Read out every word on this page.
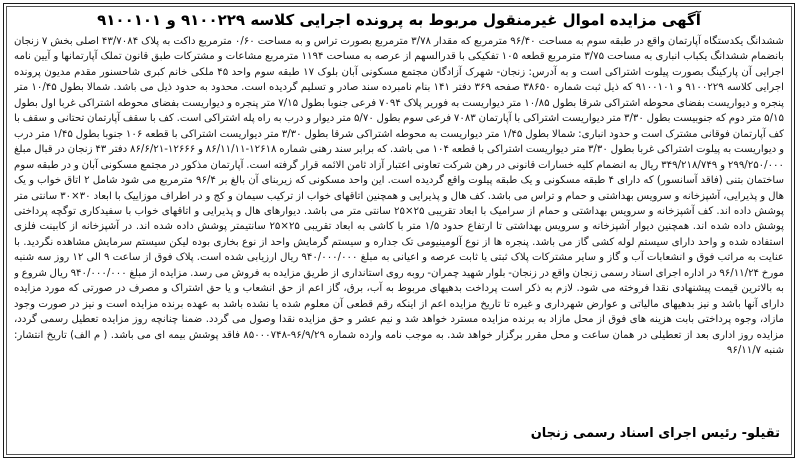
آگهی مزایده اموال غیرمنقول مربوط به پرونده اجرایی کلاسه ۹۱۰۰۲۲۹ و ۹۱۰۰۱۰۱
ششدانگ یکدستگاه آپارتمان واقع در طبقه سوم به مساحت ۹۶/۴۰ مترمربع که مقدار ۳/۷۸ مترمربع بصورت تراس و به مساحت ۰/۶۰ مترمربع داکت به پلاک ۴۳/۷۰۸۴ اصلی بخش ۷ زنجان بانضمام ششدانگ یکباب انباری به مساحت ۳/۷۵ مترمربع قطعه ۱۰۵ تفکیکی با قدرالسهم از عرصه به مساحت ۱۱۹۴ مترمربع مشاعات و مشترکات طبق قانون تملک آپارتمانها و آیین نامه اجرایی آن پارکینگ بصورت پیلوت اشتراکی است و به آدرس: زنجان- شهرک آزادگان مجتمع مسکونی آبان بلوک ۱۷ طبقه سوم واحد ۴۵ ملکی خانم کبری شاحسنور مقدم مدیون پرونده اجرایی کلاسه ۹۱۰۰۲۲۹ و ۹۱۰۰۱۰۱ که ذیل ثبت شماره ۳۸۶۵۰ صفحه ۳۶۹ دفتر ۱۴۱ بنام نامبرده سند صادر و تسلیم گردیده است. محدود به حدود ذیل می باشد. شمالا بطول ۱۰/۴۵ متر پنجره و دیواریست بفضای محوطه اشتراکی شرقا بطول ۱۰/۸۵ متر دیواریست به فوریر پلاک ۷۰۹۴ فرعی جنوبا بطول ۷/۱۵ متر پنجره و دیواریست بفضای محوطه اشتراکی غربا اول بطول ۵/۱۵ متر دوم که جنوبیست بطول ۳/۳۰ متر دیواریست اشتراکی با آپارتمان ۷۰۸۳ فرعی سوم بطول ۵/۷۰ متر دیوار و درب به راه پله اشتراکی است. کف با سقف آپارتمان تحتانی و سقف با کف آپارتمان فوقانی مشترک است و حدود انباری: شمالا بطول ۱/۴۵ متر دیواریست به محوطه اشتراکی شرقا بطول ۳/۳۰ متر دیواریست اشتراکی با قطعه ۱۰۶ جنوبا بطول ۱/۴۵ متر درب و دیواریست به پیلوت اشتراکی غربا بطول ۳/۳۰ متر دیواریست اشتراکی با قطعه ۱۰۴ می باشد. که برابر سند رهنی شماره ۱۲۶۱۸-۸۶/۱۱/۱۱ و ۱۲۶۶۶-۸۶/۶/۲۱ دفتر ۴۳ زنجان در قبال مبلغ ۲۹۹/۲۵۰/۰۰۰ و ۳۴۹/۲۱۸/۷۴۹ ریال به انضمام کلیه خسارات قانونی در رهن شرکت تعاونی اعتبار آزاد ثامن الائمه قرار گرفته است. آپارتمان مذکور در مجتمع مسکونی آبان و در طبقه سوم ساختمان بتنی (فاقد آسانسور) که دارای ۴ طبقه مسکونی و یک طبقه پیلوت واقع گردیده است. این واحد مسکونی که زیربنای آن بالغ بر ۹۶/۴ مترمربع می شود شامل ۲ اتاق خواب و یک هال و پذیرایی، آشپزخانه و سرویس بهداشتی و حمام و تراس می باشد. کف هال و پذیرایی و همچنین اتاقهای خواب از ترکیب سیمان و کج و در اطراف موزاییک با ابعاد ۳۰×۳۰ سانتی متر پوشش داده اند. کف آشپزخانه و سرویس بهداشتی و حمام از سرامیک با ابعاد تقریبی ۲۵×۲۵ سانتی متر می باشد. دیوارهای هال و پذیرایی و اتاقهای خواب با سفیدکاری توگچه پرداختی پوشش داده شده اند. همچنین دیوار آشپزخانه و سرویس بهداشتی تا ارتفاع حدود ۱/۵ متر با کاشی به ابعاد تقریبی ۲۵×۲۵ سانتیمتر پوشش داده شده اند. در آشپزخانه از کابینت فلزی استفاده شده و واحد دارای سیستم لوله کشی گاز می باشد. پنجره ها از نوع آلومینیومی تک جداره و سیستم گرمایش واحد از نوع بخاری بوده لیکن سیستم سرمایش مشاهده نگردید. با عنایت به مراتب فوق و انشعابات آب و گاز و سایر مشترکات پلاک ثبتی یا ثابت عرصه و اعیانی به مبلغ ۹۴۰/۰۰۰/۰۰۰ ریال ارزیابی شده است. پلاک فوق از ساعت ۹ الی ۱۲ روز سه شنبه مورخ ۹۶/۱۱/۲۴ در اداره اجرای اسناد رسمی زنجان واقع در زنجان- بلوار شهید چمران- روبه روی استانداری از طریق مزایده به فروش می رسد. مزایده از مبلغ ۹۴۰/۰۰۰/۰۰۰ ریال شروع و به بالاترین قیمت پیشنهادی نقدا فروخته می شود. لازم به ذکر است پرداخت بدهیهای مربوط به آب، برق، گاز اعم از حق انشعاب و یا حق اشتراک و مصرف در صورتی که مورد مزایده دارای آنها باشد و نیز بدهیهای مالیاتی و عوارض شهرداری و غیره تا تاریخ مزایده اعم از اینکه رقم قطعی آن معلوم شده یا نشده باشد به عهده برنده مزایده است و نیز در صورت وجود مازاد، وجوه پرداختی بابت هزینه های فوق از محل مازاد به برنده مزایده مسترد خواهد شد و نیم عشر و حق مزایده نقدا وصول می گردد. ضمنا چنانچه روز مزایده تعطیل رسمی گردد، مزایده روز اداری بعد از تعطیلی در همان ساعت و محل مقرر برگزار خواهد شد. به موجب نامه وارده شماره ۹۶/۹/۲۹-۸۵۰۰۰۷۴۸ فاقد پوشش بیمه ای می باشد. ( م الف) تاریخ انتشار: شنبه ۹۶/۱۱/۷
تقیلو- رئیس اجرای اسناد رسمی زنجان
